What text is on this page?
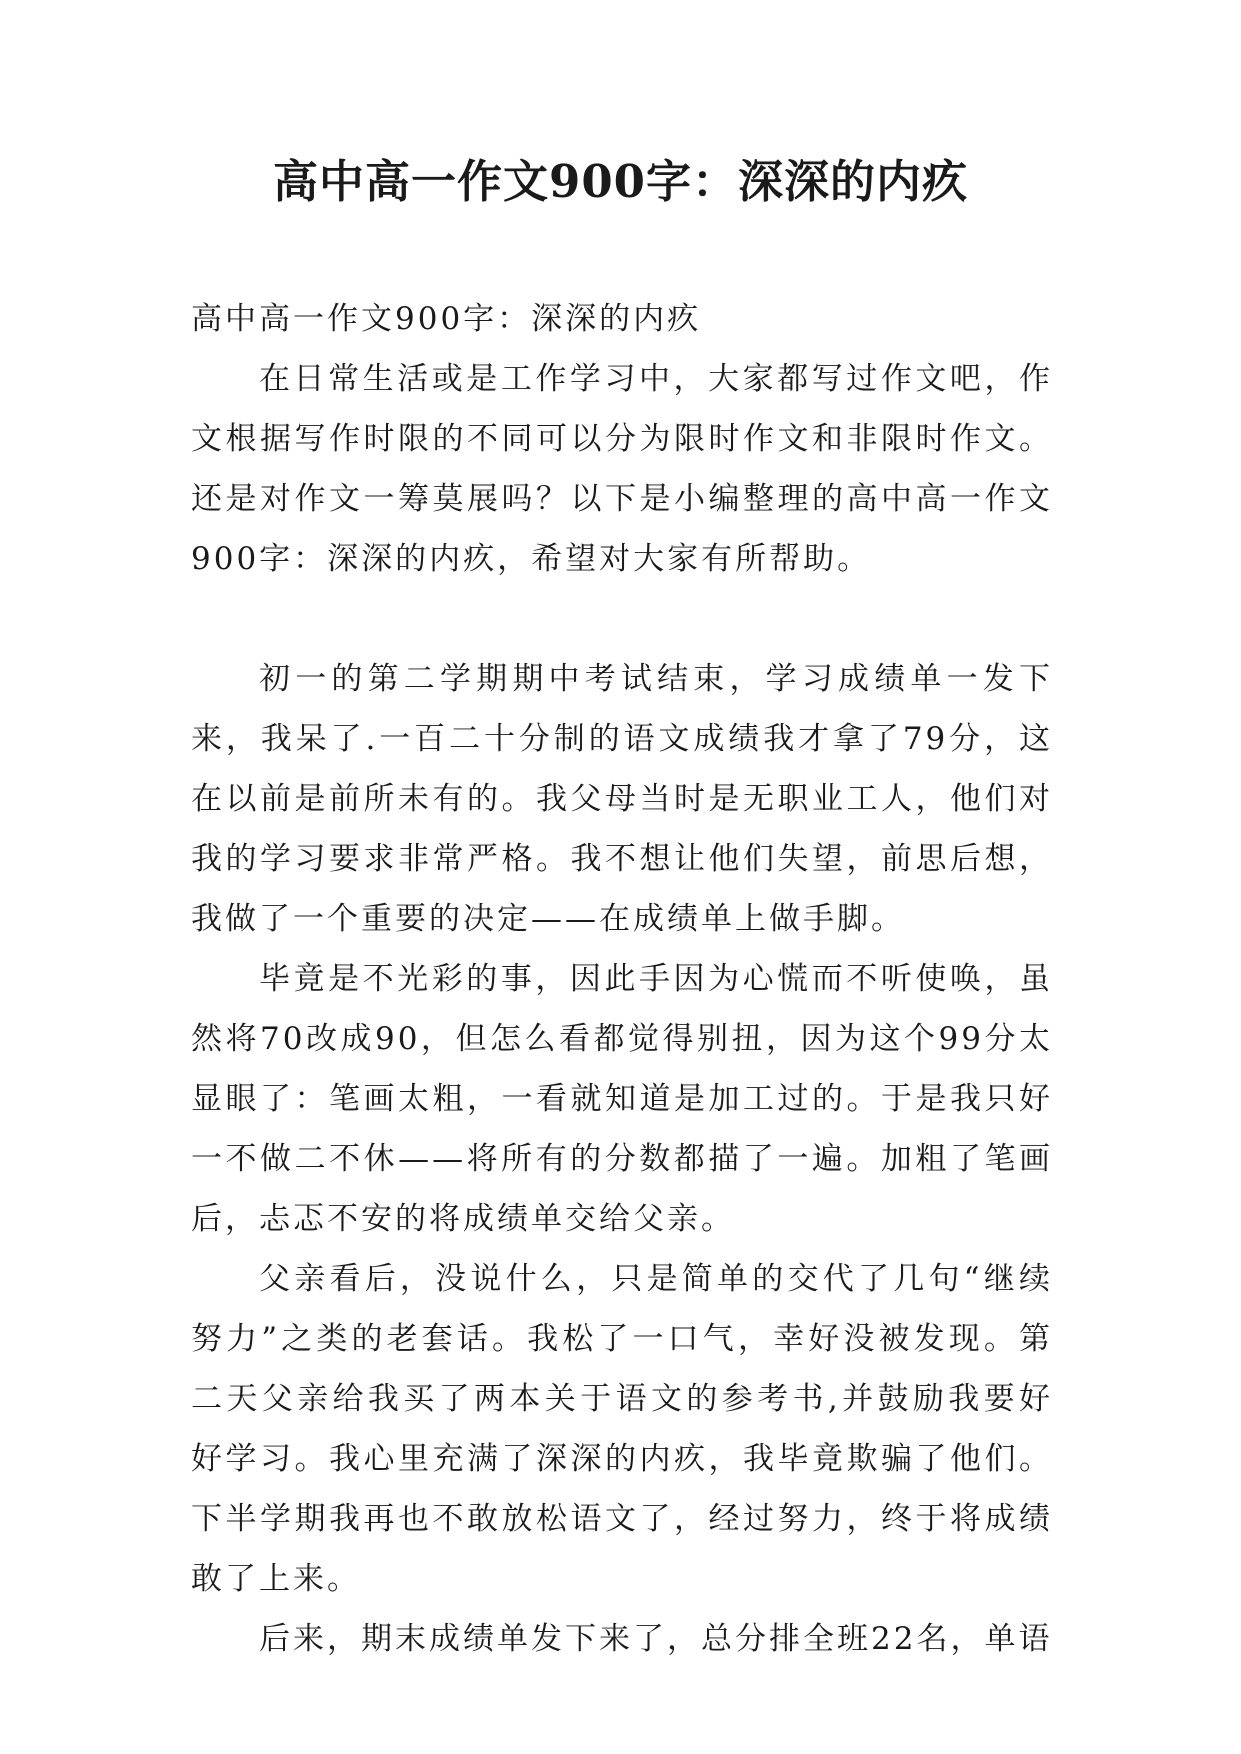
高中高一作文900字：深深的内疚

高中高一作文900字：深深的内疚

在日常生活或是工作学习中，大家都写过作文吧，作文根据写作时限的不同可以分为限时作文和非限时作文。还是对作文一筹莫展吗？以下是小编整理的高中高一作文900字：深深的内疚，希望对大家有所帮助。

初一的第二学期期中考试结束，学习成绩单一发下来，我呆了.一百二十分制的语文成绩我才拿了79分，这在以前是前所未有的。我父母当时是无职业工人，他们对我的学习要求非常严格。我不想让他们失望，前思后想，我做了一个重要的决定——在成绩单上做手脚。

毕竟是不光彩的事，因此手因为心慌而不听使唤，虽然将70改成90，但怎么看都觉得别扭，因为这个99分太显眼了：笔画太粗，一看就知道是加工过的。于是我只好一不做二不休——将所有的分数都描了一遍。加粗了笔画后，忐忑不安的将成绩单交给父亲。

父亲看后，没说什么，只是简单的交代了几句“继续努力”之类的老套话。我松了一口气，幸好没被发现。第二天父亲给我买了两本关于语文的参考书,并鼓励我要好好学习。我心里充满了深深的内疚，我毕竟欺骗了他们。下半学期我再也不敢放松语文了，经过努力，终于将成绩敢了上来。

后来，期末成绩单发下来了，总分排全班22名，单语
